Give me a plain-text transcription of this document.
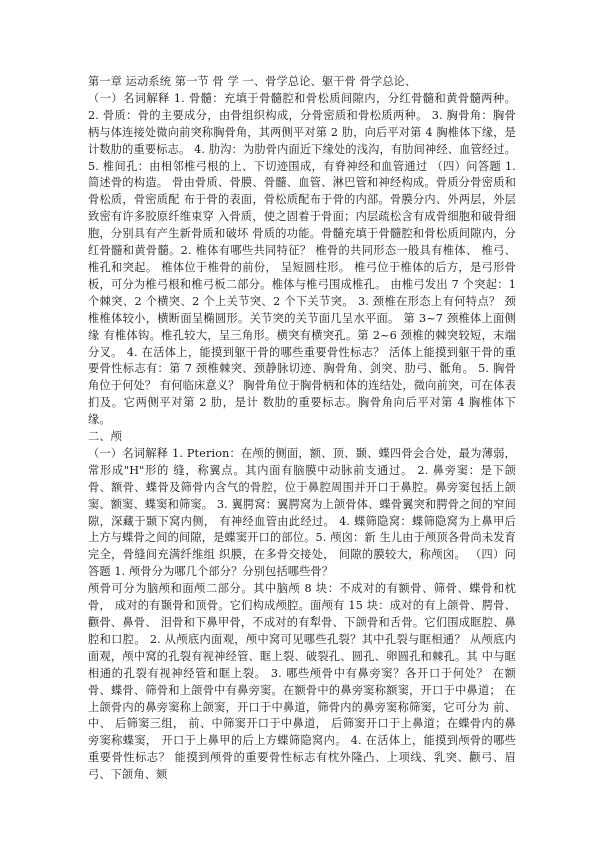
第一章 运动系统 第一节 骨 学 一、骨学总论、躯干骨 骨学总论、

（一）名词解释 1. 骨髓：充填于骨髓腔和骨松质间隙内，分红骨髓和黄骨髓两种。 2. 骨质：骨的主要成分，由骨组织构成，分骨密质和骨松质两种。 3. 胸骨角：胸骨柄与体连接处微向前突称胸骨角，其两侧平对第 2 肋，向后平对第 4 胸椎体下缘，是计数肋的重要标志。 4. 肋沟：为肋骨内面近下缘处的浅沟，有肋间神经、血管经过。 5. 椎间孔：由相邻椎弓根的上、下切迹围成，有脊神经和血管通过 （四）问答题 1. 简述骨的构造。 骨由骨质、骨膜、骨髓、血管、淋巴管和神经构成。骨质分骨密质和骨松质，骨密质配 布于骨的表面，骨松质配布于骨的内部。骨膜分内、外两层，外层致密有许多胶原纤维束穿 入骨质，使之固着于骨面；内层疏松含有成骨细胞和破骨细胞，分别具有产生新骨质和破坏 骨质的功能。骨髓充填于骨髓腔和骨松质间隙内，分红骨髓和黄骨髓。2. 椎体有哪些共同特征？ 椎骨的共同形态一般具有椎体、 椎弓、 椎孔和突起。 椎体位于椎骨的前份， 呈短圆柱形。 椎弓位于椎体的后方，是弓形骨板，可分为椎弓根和椎弓板二部分。椎体与椎弓围成椎孔。 由椎弓发出 7 个突起：1 个棘突、2 个横突、2 个上关节突、2 个下关节突。 3. 颈椎在形态上有何特点？ 颈椎椎体较小，横断面呈椭圆形。关节突的关节面几呈水平面。 第 3~7 颈椎体上面侧缘 有椎体钩。椎孔较大，呈三角形。横突有横突孔。第 2~6 颈椎的棘突较短，末端分叉。 4. 在活体上，能摸到躯干骨的哪些重要骨性标志？ 活体上能摸到躯干骨的重要骨性标志有：第 7 颈椎棘突、颈静脉切迹、胸骨角、剑突、肋弓、骶角。 5. 胸骨角位于何处？ 有何临床意义？ 胸骨角位于胸骨柄和体的连结处，微向前突，可在体表扪及。它两侧平对第 2 肋，是计 数肋的重要标志。胸骨角向后平对第 4 胸椎体下缘。

二、颅

（一）名词解释 1. Pterion：在颅的侧面，额、顶、颞、蝶四骨会合处，最为薄弱，常形成"H"形的 缝，称翼点。其内面有脑膜中动脉前支通过。 2. 鼻旁窦：是下颌骨、额骨、蝶骨及筛骨内含气的骨腔，位于鼻腔周围并开口于鼻腔。鼻旁窦包括上颌窦、额窦、蝶窦和筛窦。 3. 翼腭窝：翼腭窝为上颌骨体、蝶骨翼突和腭骨之间的窄间隙，深藏于颞下窝内侧， 有神经血管由此经过。 4. 蝶筛隐窝：蝶筛隐窝为上鼻甲后上方与蝶骨之间的间隙，是蝶窦开口的部位。5. 颅囟：新 生儿由于颅顶各骨尚未发育完全，骨缝间充满纤维组 织膜，在多骨交接处， 间隙的膜较大，称颅囟。 （四）问答题 1. 颅骨分为哪几个部分？分别包括哪些骨？

颅骨可分为脑颅和面颅二部分。其中脑颅 8 块：不成对的有额骨、筛骨、蝶骨和枕骨， 成对的有颞骨和顶骨。它们构成颅腔。面颅有 15 块：成对的有上颌骨、腭骨、颧骨、鼻骨、 泪骨和下鼻甲骨，不成对的有犁骨、下颌骨和舌骨。它们围成眶腔、鼻腔和口腔。 2. 从颅底内面观，颅中窝可见哪些孔裂？其中孔裂与眶相通？ 从颅底内面观，颅中窝的孔裂有视神经管、眶上裂、破裂孔、圆孔、卵圆孔和棘孔。其 中与眶相通的孔裂有视神经管和眶上裂。 3. 哪些颅骨中有鼻旁窦？各开口于何处？ 在额骨、蝶骨、筛骨和上颌骨中有鼻旁窦。在额骨中的鼻旁窦称额窦，开口于中鼻道； 在上颌骨内的鼻旁窦称上颌窦，开口于中鼻道，筛骨内的鼻旁窦称筛窦，它可分为 前、中、 后筛窦三组， 前、中筛窦开口于中鼻道， 后筛窦开口于上鼻道；在蝶骨内的鼻旁窦称蝶窦， 开口于上鼻甲的后上方蝶筛隐窝内。 4. 在活体上，能摸到颅骨的哪些重要骨性标志？ 能摸到颅骨的重要骨性标志有枕外隆凸、上项线、乳突、颧弓、眉弓、下颌角、颏
